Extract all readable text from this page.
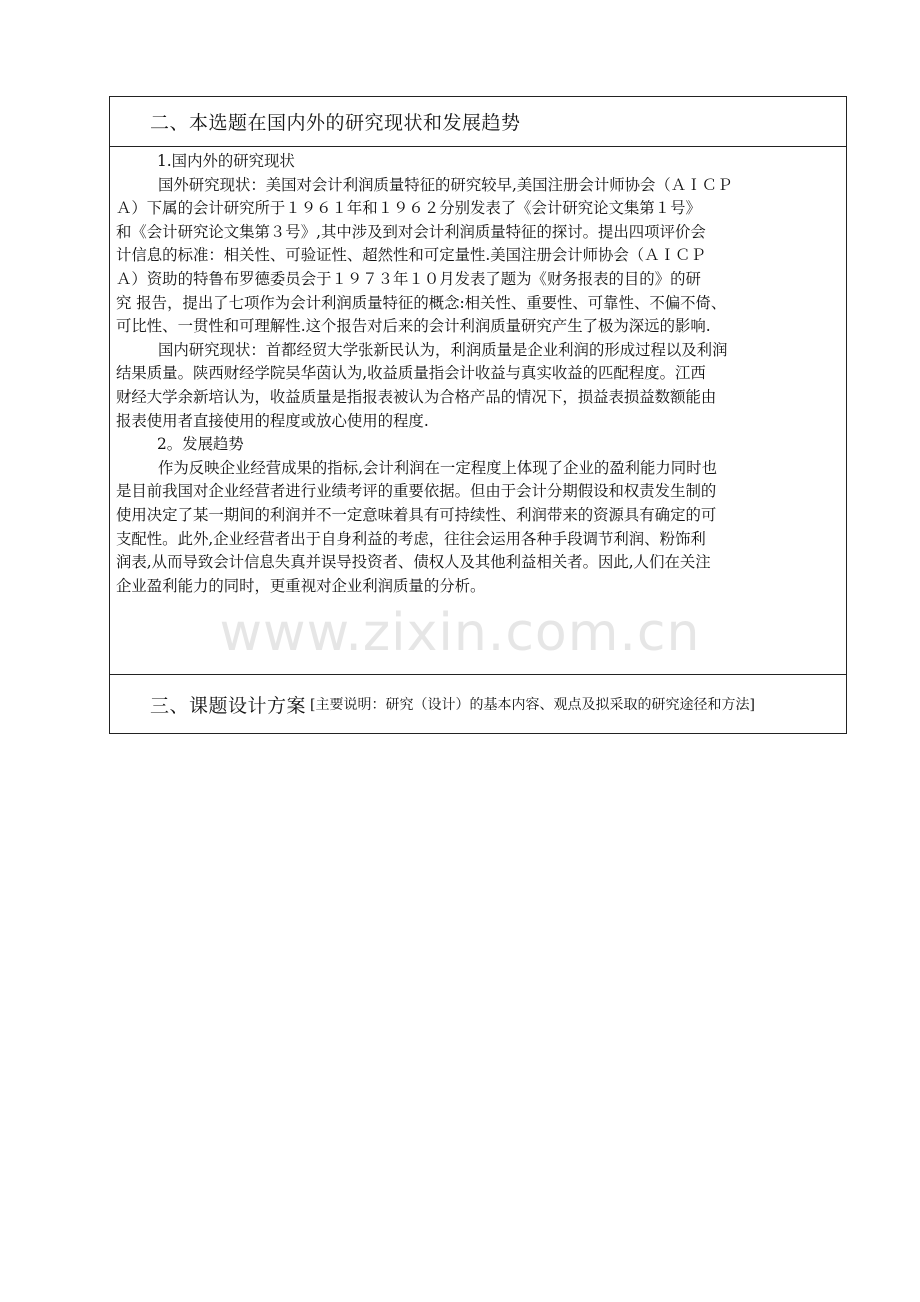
二、本选题在国内外的研究现状和发展趋势
1.国内外的研究现状
国外研究现状：美国对会计利润质量特征的研究较早,美国注册会计师协会（ＡＩＣＰ
Ａ）下属的会计研究所于１９６１年和１９６２分别发表了《会计研究论文集第１号》
和《会计研究论文集第３号》,其中涉及到对会计利润质量特征的探讨。提出四项评价会
计信息的标准：相关性、可验证性、超然性和可定量性.美国注册会计师协会（ＡＩＣＰ
Ａ）资助的特鲁布罗德委员会于１９７３年１０月发表了题为《财务报表的目的》的研
究 报告，提出了七项作为会计利润质量特征的概念:相关性、重要性、可靠性、不偏不倚、
可比性、一贯性和可理解性.这个报告对后来的会计利润质量研究产生了极为深远的影响.
国内研究现状：首都经贸大学张新民认为，利润质量是企业利润的形成过程以及利润
结果质量。陕西财经学院吴华茵认为,收益质量指会计收益与真实收益的匹配程度。江西
财经大学余新培认为，收益质量是指报表被认为合格产品的情况下，损益表损益数额能由
报表使用者直接使用的程度或放心使用的程度.
2。发展趋势
作为反映企业经营成果的指标,会计利润在一定程度上体现了企业的盈利能力同时也
是目前我国对企业经营者进行业绩考评的重要依据。但由于会计分期假设和权责发生制的
使用决定了某一期间的利润并不一定意味着具有可持续性、利润带来的资源具有确定的可
支配性。此外,企业经营者出于自身利益的考虑，往往会运用各种手段调节利润、粉饰利
润表,从而导致会计信息失真并误导投资者、债权人及其他利益相关者。因此,人们在关注
企业盈利能力的同时，更重视对企业利润质量的分析。
三、课题设计方案 [主要说明：研究（设计）的基本内容、观点及拟采取的研究途径和方法]
www.zixin.com.cn
